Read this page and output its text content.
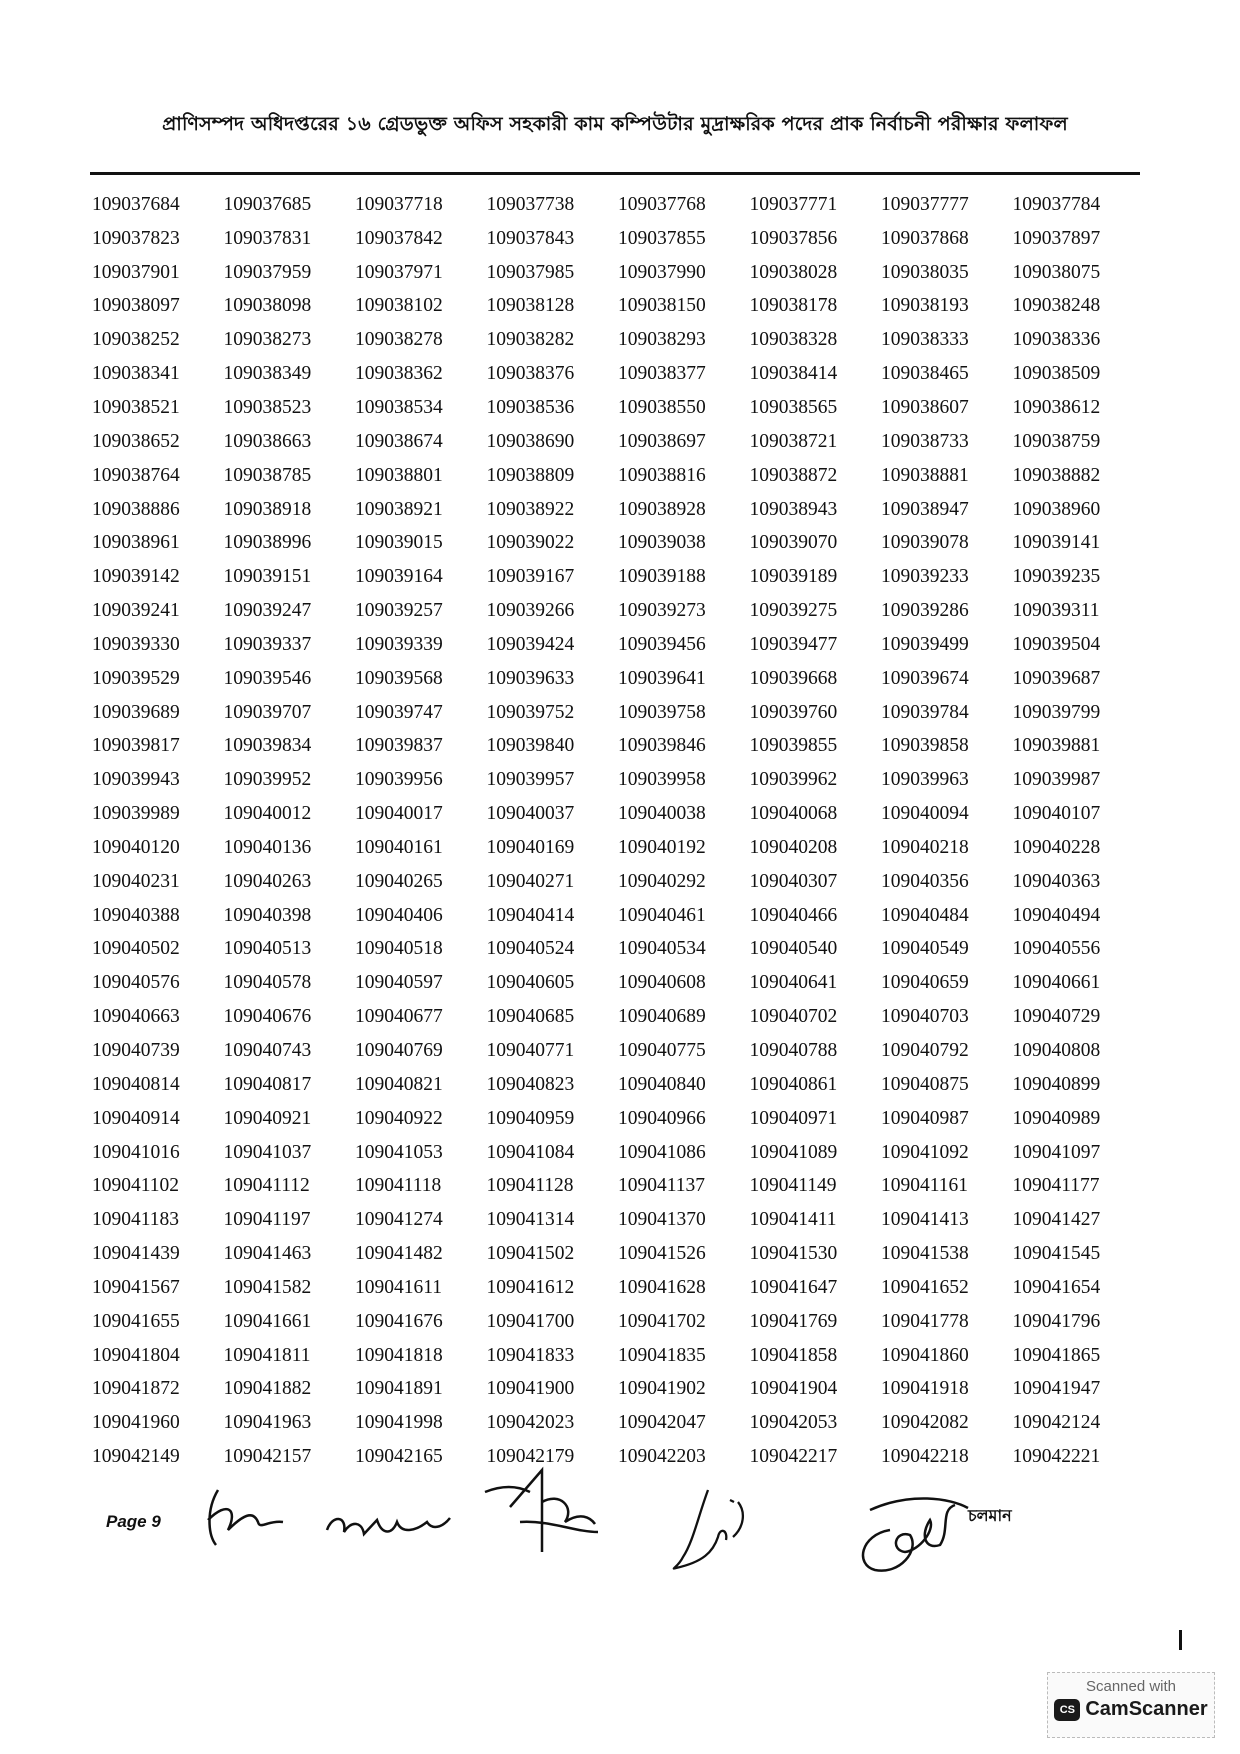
প্রাণিসম্পদ অধিদপ্তরের ১৬ গ্রেডভুক্ত অফিস সহকারী কাম কম্পিউটার মুদ্রাক্ষরিক পদের প্রাক নির্বাচনী পরীক্ষার ফলাফল
109037684	109037685	109037718	109037738	109037768	109037771	109037777	109037784
109037823	109037831	109037842	109037843	109037855	109037856	109037868	109037897
109037901	109037959	109037971	109037985	109037990	109038028	109038035	109038075
109038097	109038098	109038102	109038128	109038150	109038178	109038193	109038248
109038252	109038273	109038278	109038282	109038293	109038328	109038333	109038336
109038341	109038349	109038362	109038376	109038377	109038414	109038465	109038509
109038521	109038523	109038534	109038536	109038550	109038565	109038607	109038612
109038652	109038663	109038674	109038690	109038697	109038721	109038733	109038759
109038764	109038785	109038801	109038809	109038816	109038872	109038881	109038882
109038886	109038918	109038921	109038922	109038928	109038943	109038947	109038960
109038961	109038996	109039015	109039022	109039038	109039070	109039078	109039141
109039142	109039151	109039164	109039167	109039188	109039189	109039233	109039235
109039241	109039247	109039257	109039266	109039273	109039275	109039286	109039311
109039330	109039337	109039339	109039424	109039456	109039477	109039499	109039504
109039529	109039546	109039568	109039633	109039641	109039668	109039674	109039687
109039689	109039707	109039747	109039752	109039758	109039760	109039784	109039799
109039817	109039834	109039837	109039840	109039846	109039855	109039858	109039881
109039943	109039952	109039956	109039957	109039958	109039962	109039963	109039987
109039989	109040012	109040017	109040037	109040038	109040068	109040094	109040107
109040120	109040136	109040161	109040169	109040192	109040208	109040218	109040228
109040231	109040263	109040265	109040271	109040292	109040307	109040356	109040363
109040388	109040398	109040406	109040414	109040461	109040466	109040484	109040494
109040502	109040513	109040518	109040524	109040534	109040540	109040549	109040556
109040576	109040578	109040597	109040605	109040608	109040641	109040659	109040661
109040663	109040676	109040677	109040685	109040689	109040702	109040703	109040729
109040739	109040743	109040769	109040771	109040775	109040788	109040792	109040808
109040814	109040817	109040821	109040823	109040840	109040861	109040875	109040899
109040914	109040921	109040922	109040959	109040966	109040971	109040987	109040989
109041016	109041037	109041053	109041084	109041086	109041089	109041092	109041097
109041102	109041112	109041118	109041128	109041137	109041149	109041161	109041177
109041183	109041197	109041274	109041314	109041370	109041411	109041413	109041427
109041439	109041463	109041482	109041502	109041526	109041530	109041538	109041545
109041567	109041582	109041611	109041612	109041628	109041647	109041652	109041654
109041655	109041661	109041676	109041700	109041702	109041769	109041778	109041796
109041804	109041811	109041818	109041833	109041835	109041858	109041860	109041865
109041872	109041882	109041891	109041900	109041902	109041904	109041918	109041947
109041960	109041963	109041998	109042023	109042047	109042053	109042082	109042124
109042149	109042157	109042165	109042179	109042203	109042217	109042218	109042221
Page 9	চলমান
Scanned with
CS CamScanner
